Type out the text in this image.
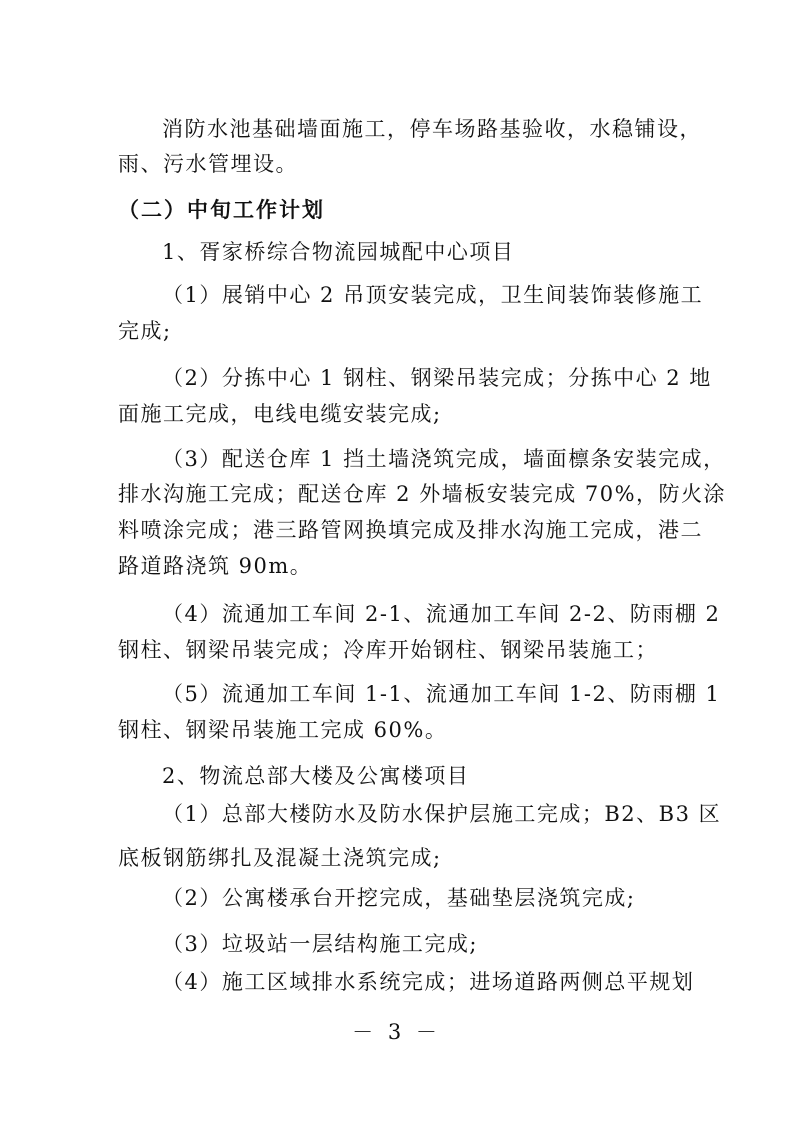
消防水池基础墙面施工，停车场路基验收，水稳铺设，
雨、污水管埋设。
（二）中旬工作计划
1、胥家桥综合物流园城配中心项目
（1）展销中心 2 吊顶安装完成，卫生间装饰装修施工
完成;
（2）分拣中心 1 钢柱、钢梁吊装完成；分拣中心 2 地
面施工完成，电线电缆安装完成;
（3）配送仓库 1 挡土墙浇筑完成，墙面檩条安装完成，
排水沟施工完成；配送仓库 2 外墙板安装完成 70%，防火涂
料喷涂完成；港三路管网换填完成及排水沟施工完成，港二
路道路浇筑 90m。
（4）流通加工车间 2-1、流通加工车间 2-2、防雨棚 2
钢柱、钢梁吊装完成；冷库开始钢柱、钢梁吊装施工；
（5）流通加工车间 1-1、流通加工车间 1-2、防雨棚 1
钢柱、钢梁吊装施工完成 60%。
2、物流总部大楼及公寓楼项目
（1）总部大楼防水及防水保护层施工完成；B2、B3 区
底板钢筋绑扎及混凝土浇筑完成;
（2）公寓楼承台开挖完成，基础垫层浇筑完成;
（3）垃圾站一层结构施工完成;
（4）施工区域排水系统完成；进场道路两侧总平规划
－ 3 －
